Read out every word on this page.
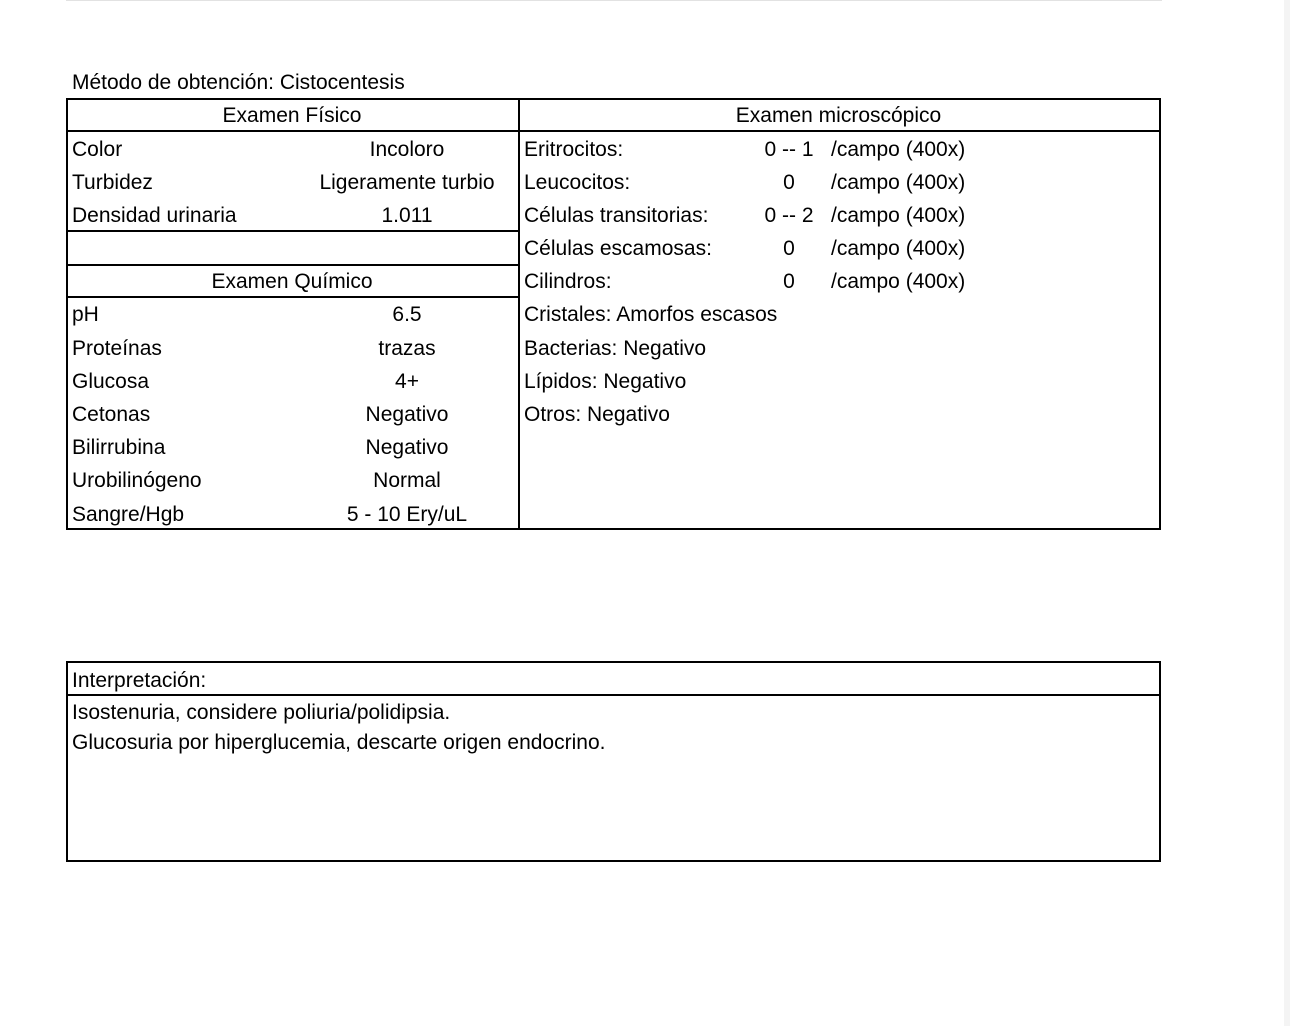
Método de obtención: Cistocentesis
Examen Físico
Color	Incoloro
Turbidez	Ligeramente turbio
Densidad urinaria	1.011
Examen Químico
pH	6.5
Proteínas	trazas
Glucosa	4+
Cetonas	Negativo
Bilirrubina	Negativo
Urobilinógeno	Normal
Sangre/Hgb	5 - 10 Ery/uL
Examen microscópico
Eritrocitos:	0 -- 1 /campo (400x)
Leucocitos:	0	/campo (400x)
Células transitorias:	0 -- 2 /campo (400x)
Células escamosas:	0	/campo (400x)
Cilindros:	0	/campo (400x)
Cristales: Amorfos escasos
Bacterias: Negativo
Lípidos: Negativo
Otros: Negativo
Interpretación:
Isostenuria, considere poliuria/polidipsia.
Glucosuria por hiperglucemia, descarte origen endocrino.
